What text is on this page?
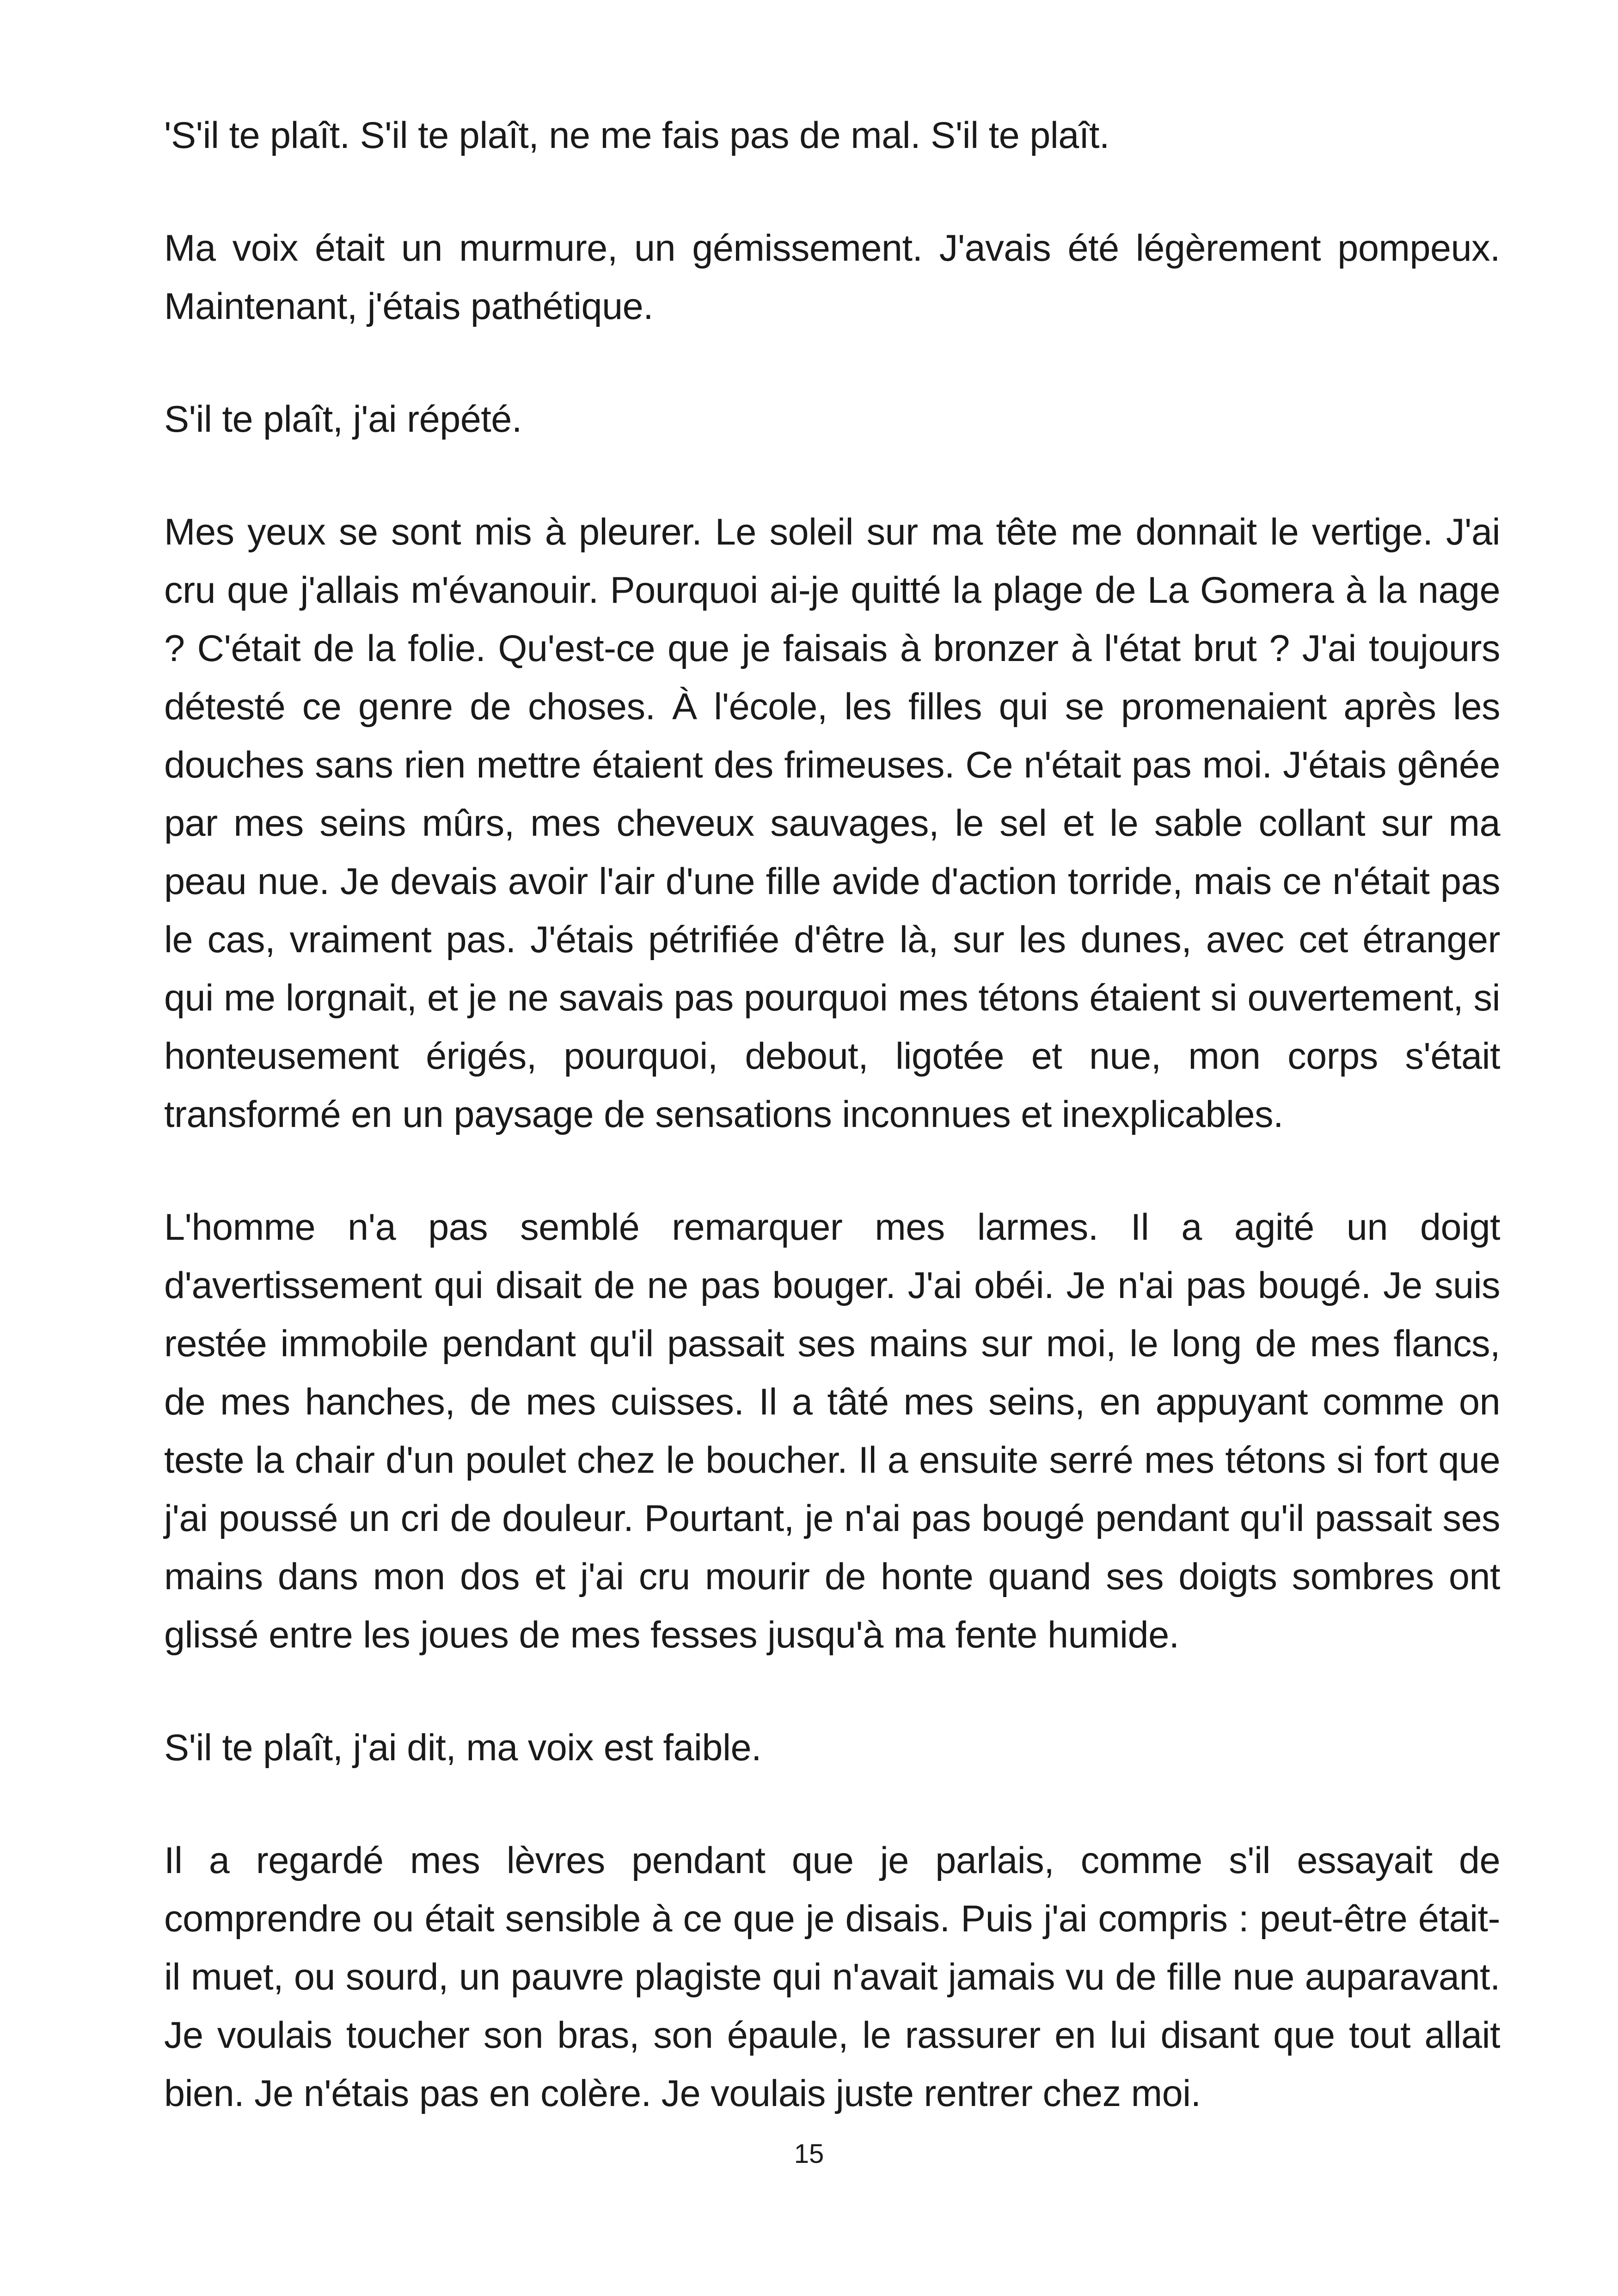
'S'il te plaît. S'il te plaît, ne me fais pas de mal. S'il te plaît.

Ma voix était un murmure, un gémissement. J'avais été légèrement pompeux. Maintenant, j'étais pathétique.

S'il te plaît, j'ai répété.

Mes yeux se sont mis à pleurer. Le soleil sur ma tête me donnait le vertige. J'ai cru que j'allais m'évanouir. Pourquoi ai-je quitté la plage de La Gomera à la nage ? C'était de la folie. Qu'est-ce que je faisais à bronzer à l'état brut ? J'ai toujours détesté ce genre de choses. À l'école, les filles qui se promenaient après les douches sans rien mettre étaient des frimeuses. Ce n'était pas moi. J'étais gênée par mes seins mûrs, mes cheveux sauvages, le sel et le sable collant sur ma peau nue. Je devais avoir l'air d'une fille avide d'action torride, mais ce n'était pas le cas, vraiment pas. J'étais pétrifiée d'être là, sur les dunes, avec cet étranger qui me lorgnait, et je ne savais pas pourquoi mes tétons étaient si ouvertement, si honteusement érigés, pourquoi, debout, ligotée et nue, mon corps s'était transformé en un paysage de sensations inconnues et inexplicables.

L'homme n'a pas semblé remarquer mes larmes. Il a agité un doigt d'avertissement qui disait de ne pas bouger. J'ai obéi. Je n'ai pas bougé. Je suis restée immobile pendant qu'il passait ses mains sur moi, le long de mes flancs, de mes hanches, de mes cuisses. Il a tâté mes seins, en appuyant comme on teste la chair d'un poulet chez le boucher. Il a ensuite serré mes tétons si fort que j'ai poussé un cri de douleur. Pourtant, je n'ai pas bougé pendant qu'il passait ses mains dans mon dos et j'ai cru mourir de honte quand ses doigts sombres ont glissé entre les joues de mes fesses jusqu'à ma fente humide.

S'il te plaît, j'ai dit, ma voix est faible.

Il a regardé mes lèvres pendant que je parlais, comme s'il essayait de comprendre ou était sensible à ce que je disais. Puis j'ai compris : peut-être était-il muet, ou sourd, un pauvre plagiste qui n'avait jamais vu de fille nue auparavant. Je voulais toucher son bras, son épaule, le rassurer en lui disant que tout allait bien. Je n'étais pas en colère. Je voulais juste rentrer chez moi.

15
